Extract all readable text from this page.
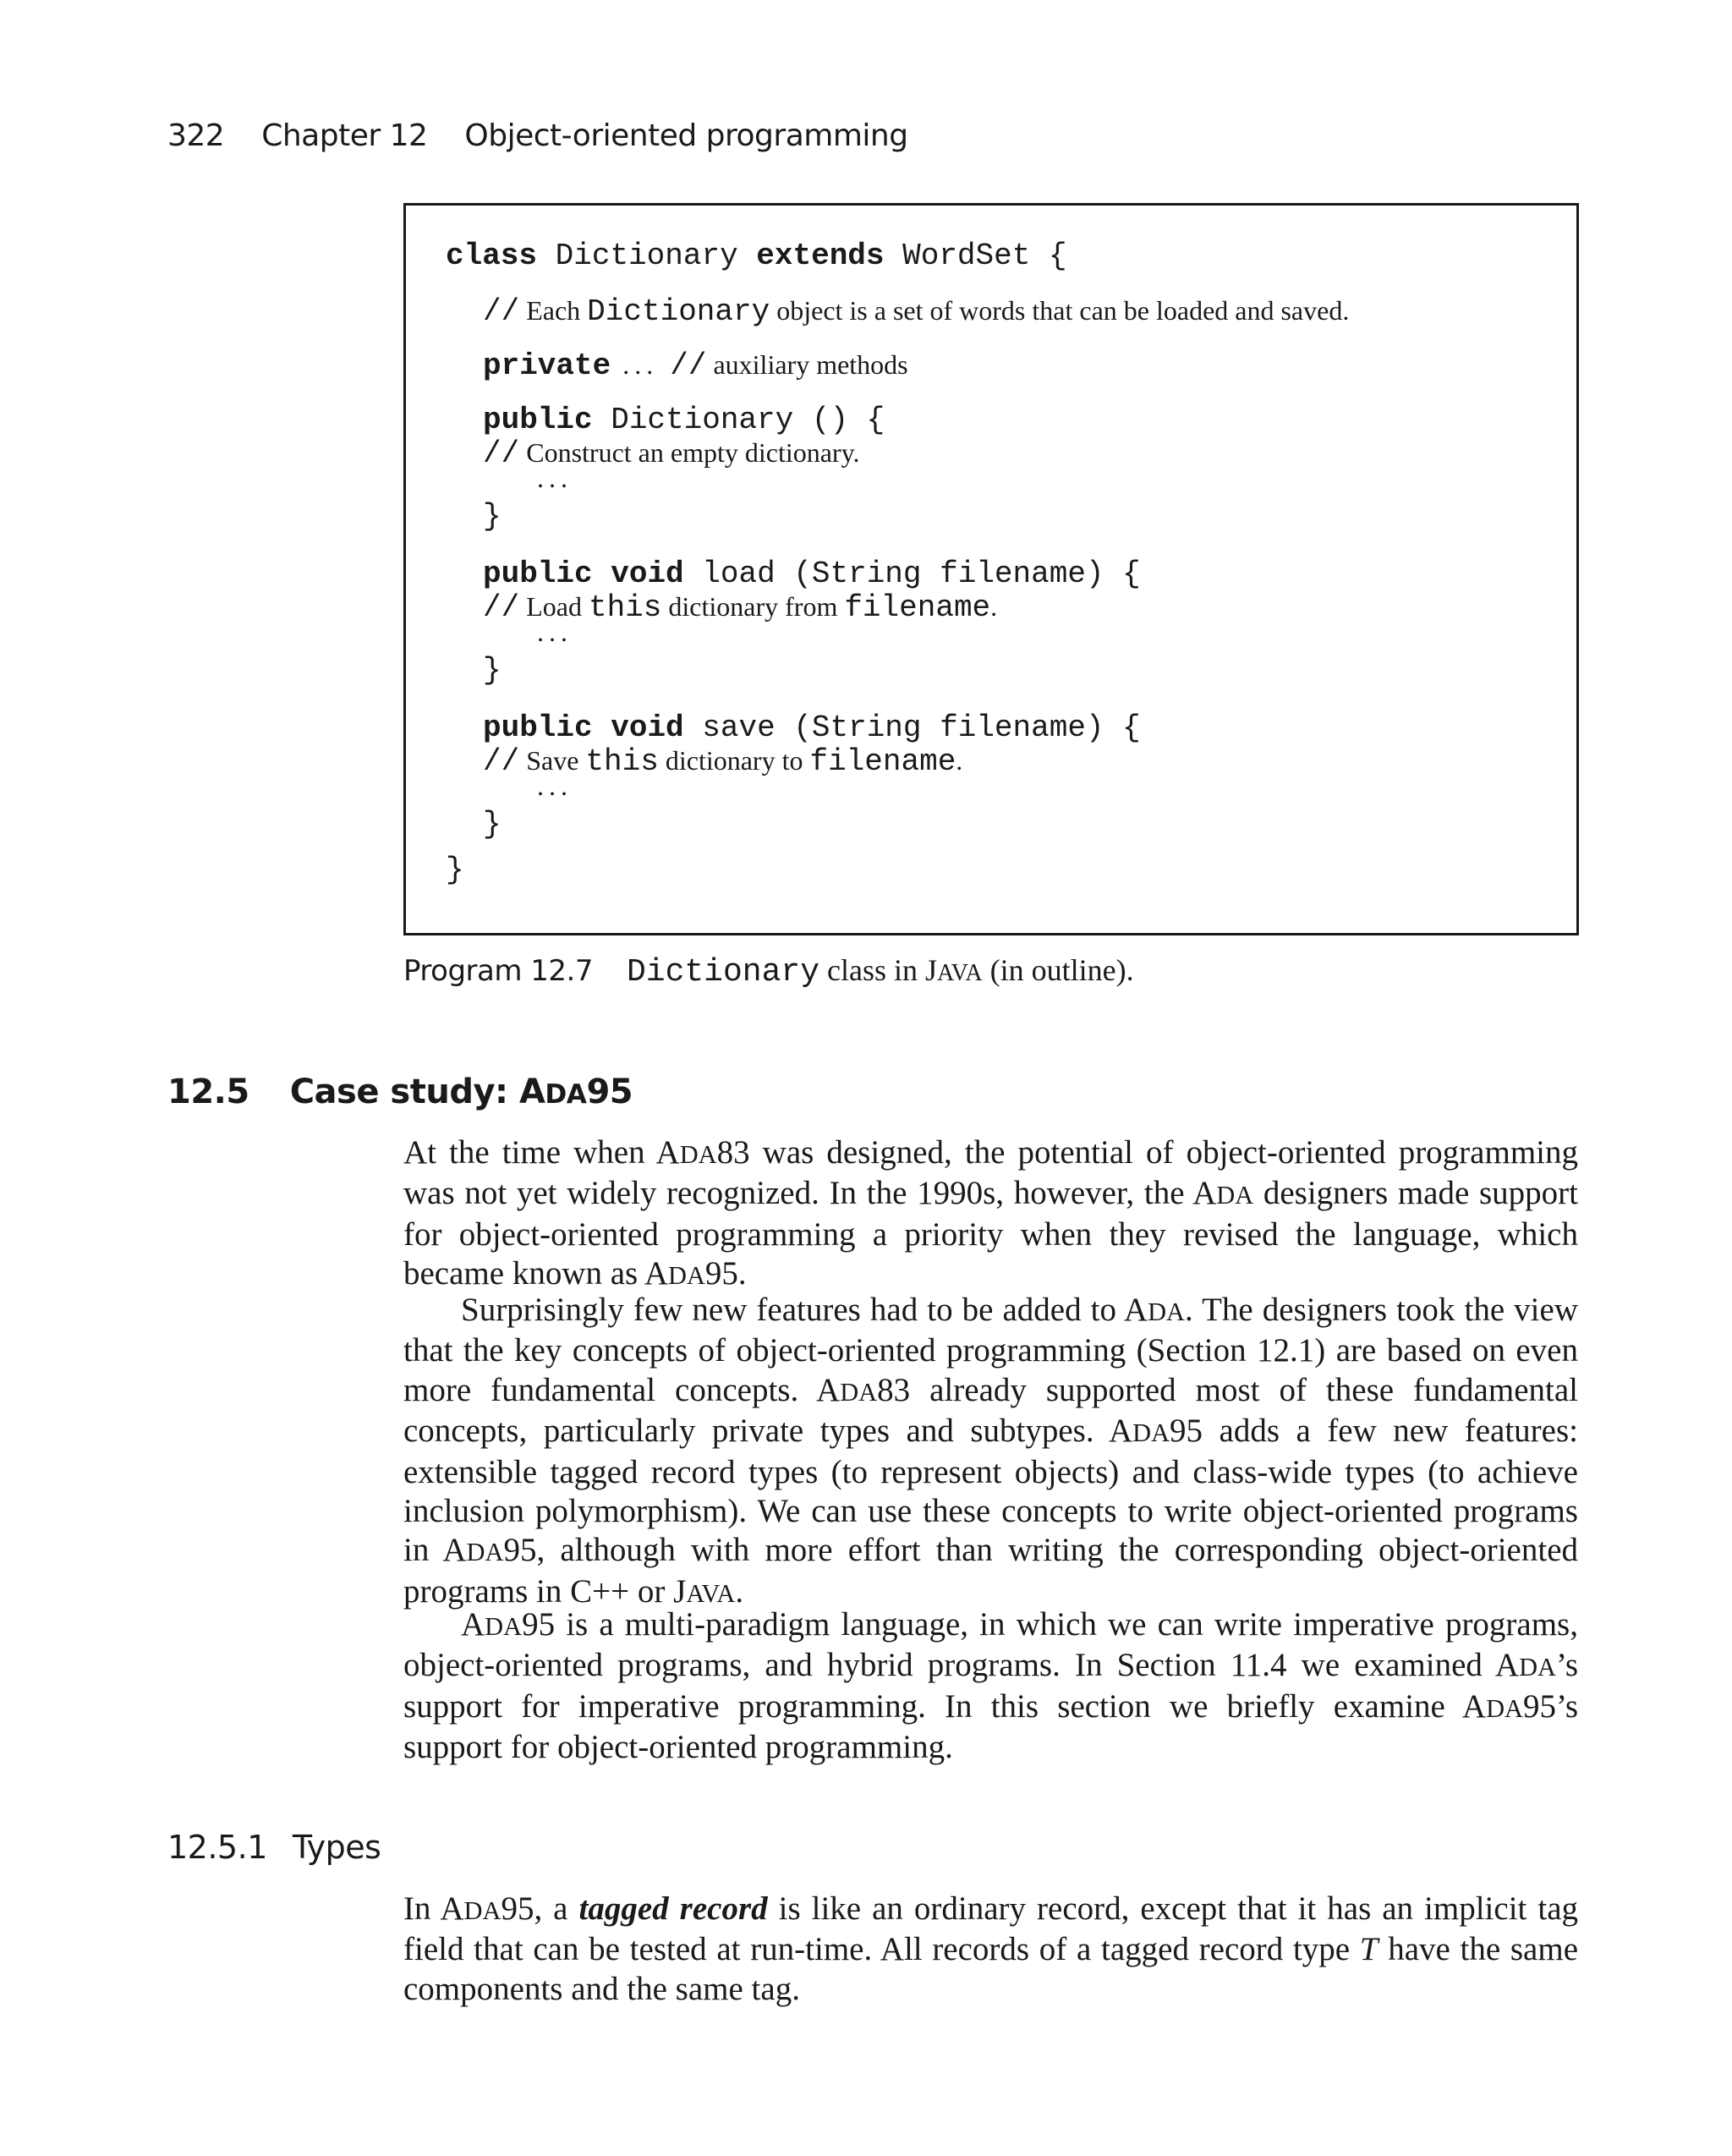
322 Chapter 12 Object-oriented programming
class Dictionary extends WordSet {
// Each Dictionary object is a set of words that can be loaded and saved.
private ... // auxiliary methods
public Dictionary () {
// Construct an empty dictionary.
...
}
public void load (String filename) {
// Load this dictionary from filename.
...
}
public void save (String filename) {
// Save this dictionary to filename.
...
}
}
Program 12.7 Dictionary class in JAVA (in outline).
12.5 Case study: ADA95

At the time when ADA83 was designed, the potential of object-oriented programming was not yet widely recognized. In the 1990s, however, the ADA designers made support for object-oriented programming a priority when they revised the language, which became known as ADA95.

Surprisingly few new features had to be added to ADA. The designers took the view that the key concepts of object-oriented programming (Section 12.1) are based on even more fundamental concepts. ADA83 already supported most of these fundamental concepts, particularly private types and subtypes. ADA95 adds a few new features: extensible tagged record types (to represent objects) and class-wide types (to achieve inclusion polymorphism). We can use these concepts to write object-oriented programs in ADA95, although with more effort than writing the corresponding object-oriented programs in C++ or JAVA.

ADA95 is a multi-paradigm language, in which we can write imperative programs, object-oriented programs, and hybrid programs. In Section 11.4 we examined ADA’s support for imperative programming. In this section we briefly examine ADA95’s support for object-oriented programming.

12.5.1 Types

In ADA95, a tagged record is like an ordinary record, except that it has an implicit tag field that can be tested at run-time. All records of a tagged record type T have the same components and the same tag.
